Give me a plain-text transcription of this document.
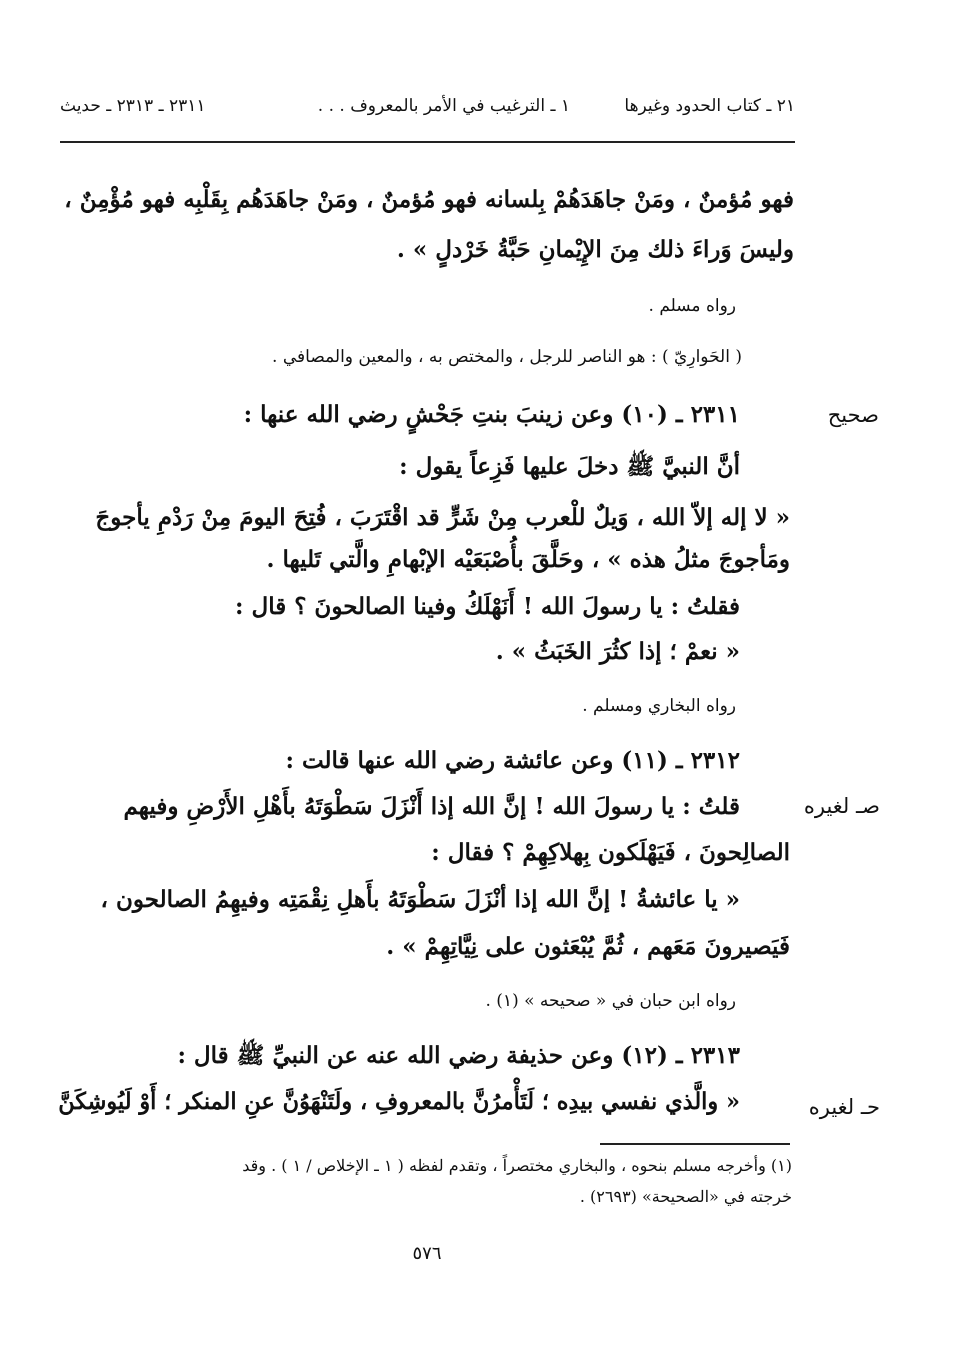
٢١ ـ كتاب الحدود وغيرها
١ ـ الترغيب في الأمر بالمعروف . . .
٢٣١١ ـ ٢٣١٣ ـ حديث
فهو مُؤمنٌ ، ومَنْ جاهَدَهُمْ بِلسانه فهو مُؤمنٌ ، ومَنْ جاهَدَهُم بِقَلْبِه فهو مُؤْمِنٌ ،
وليسَ وَراءَ ذلك مِنَ الإِيْمانِ حَبَّةُ خَرْدلٍ » .
رواه مسلم .
( الحَوارِيّ ) : هو الناصر للرجل ، والمختص به ، والمعين والمصافي .
صحيح
٢٣١١ ـ (١٠) وعن زينبَ بنتِ جَحْشٍ رضي الله عنها :
أنَّ النبيَّ ﷺ دخلَ عليها فَزِعاً يقول :
« لا إله إلاّ الله ، وَيلٌ للْعرب مِنْ شَرٍّ قد اقْتَرَبَ ، فُتِحَ اليومَ مِنْ رَدْمِ يأجوجَ
ومَأجوجَ مثلُ هذه » ، وحَلَّقَ بأُصْبَعَيْه الإبْهامِ والَّتي تَليها .
فقلتُ : يا رسولَ الله ! أَنَهْلَكُ وفينا الصالحونَ ؟ قال :
« نعمْ ؛ إذا كثُرَ الخَبَثُ » .
رواه البخاري ومسلم .
٢٣١٢ ـ (١١) وعن عائشة رضي الله عنها قالت :
صـ لغيره
قلتُ : يا رسولَ الله ! إنَّ الله إذا أَنْزَلَ سَطْوَتَهُ بأَهْلِ الأَرْضِ وفيهم
الصالِحونَ ، فَيَهْلَكون بِهلاكِهِمْ ؟ فقال :
« يا عائشةُ ! إنَّ الله إذا أنْزَلَ سَطْوَتَهُ بأَهلِ نِقْمَتِه وفيهِمُ الصالحون ،
فَيَصيرونَ مَعَهم ، ثُمَّ يُبْعَثون على نِيَّاتِهِمْ » .
رواه ابن حبان في « صحيحه » (١) .
٢٣١٣ ـ (١٢) وعن حذيفة رضي الله عنه عن النبيِّ ﷺ قال :
حـ لغيره
« والَّذي نفسي بيدِه ؛ لَتَأْمرُنَّ بالمعروفِ ، ولَتَنْهَوُنَّ عنِ المنكر ؛ أَوْ لَيُوشِكَنَّ
(١) وأخرجه مسلم بنحوه ، والبخاري مختصراً ، وتقدم لفظه ( ١ ـ الإخلاص / ١ ) . وقد
خرجته في «الصحيحة» (٢٦٩٣) .
٥٧٦
